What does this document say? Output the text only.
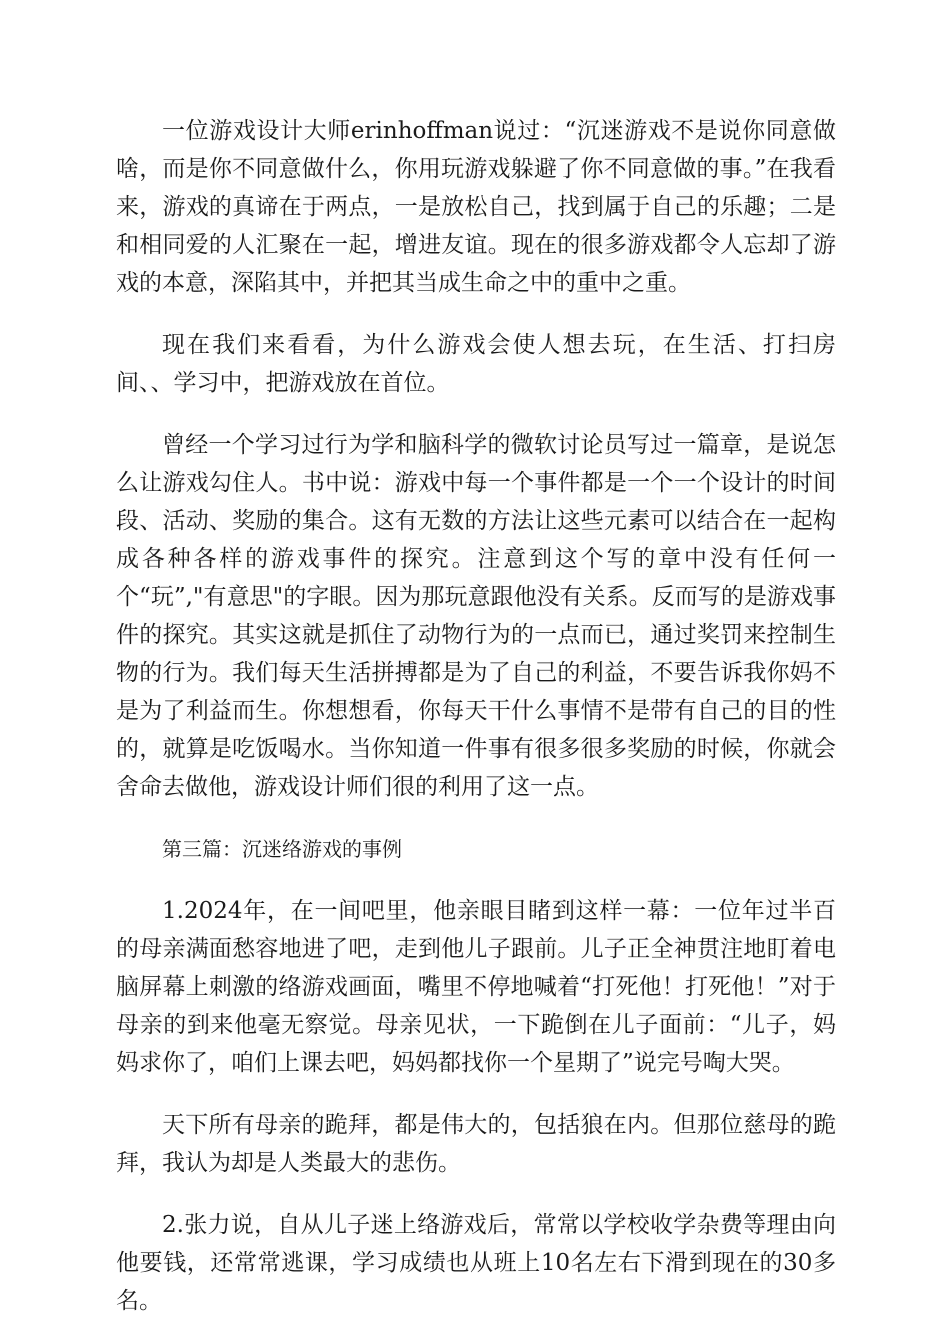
一位游戏设计大师erinhoffman说过：“沉迷游戏不是说你同意做啥，而是你不同意做什么，你用玩游戏躲避了你不同意做的事。”在我看来，游戏的真谛在于两点，一是放松自己，找到属于自己的乐趣；二是和相同爱的人汇聚在一起，增进友谊。现在的很多游戏都令人忘却了游戏的本意，深陷其中，并把其当成生命之中的重中之重。

现在我们来看看，为什么游戏会使人想去玩，在生活、打扫房间、、学习中，把游戏放在首位。

曾经一个学习过行为学和脑科学的微软讨论员写过一篇章，是说怎么让游戏勾住人。书中说：游戏中每一个事件都是一个一个设计的时间段、活动、奖励的集合。这有无数的方法让这些元素可以结合在一起构成各种各样的游戏事件的探究。注意到这个写的章中没有任何一个“玩”,"有意思"的字眼。因为那玩意跟他没有关系。反而写的是游戏事件的探究。其实这就是抓住了动物行为的一点而已，通过奖罚来控制生物的行为。我们每天生活拼搏都是为了自己的利益，不要告诉我你妈不是为了利益而生。你想想看，你每天干什么事情不是带有自己的目的性的，就算是吃饭喝水。当你知道一件事有很多很多奖励的时候，你就会舍命去做他，游戏设计师们很的利用了这一点。

第三篇：沉迷络游戏的事例

1.2024年，在一间吧里，他亲眼目睹到这样一幕：一位年过半百的母亲满面愁容地进了吧，走到他儿子跟前。儿子正全神贯注地盯着电脑屏幕上刺激的络游戏画面，嘴里不停地喊着“打死他！打死他！”对于母亲的到来他毫无察觉。母亲见状，一下跪倒在儿子面前：“儿子，妈妈求你了，咱们上课去吧，妈妈都找你一个星期了”说完号啕大哭。

天下所有母亲的跪拜，都是伟大的，包括狼在内。但那位慈母的跪拜，我认为却是人类最大的悲伤。

2.张力说，自从儿子迷上络游戏后，常常以学校收学杂费等理由向他要钱，还常常逃课，学习成绩也从班上10名左右下滑到现在的30多名。
